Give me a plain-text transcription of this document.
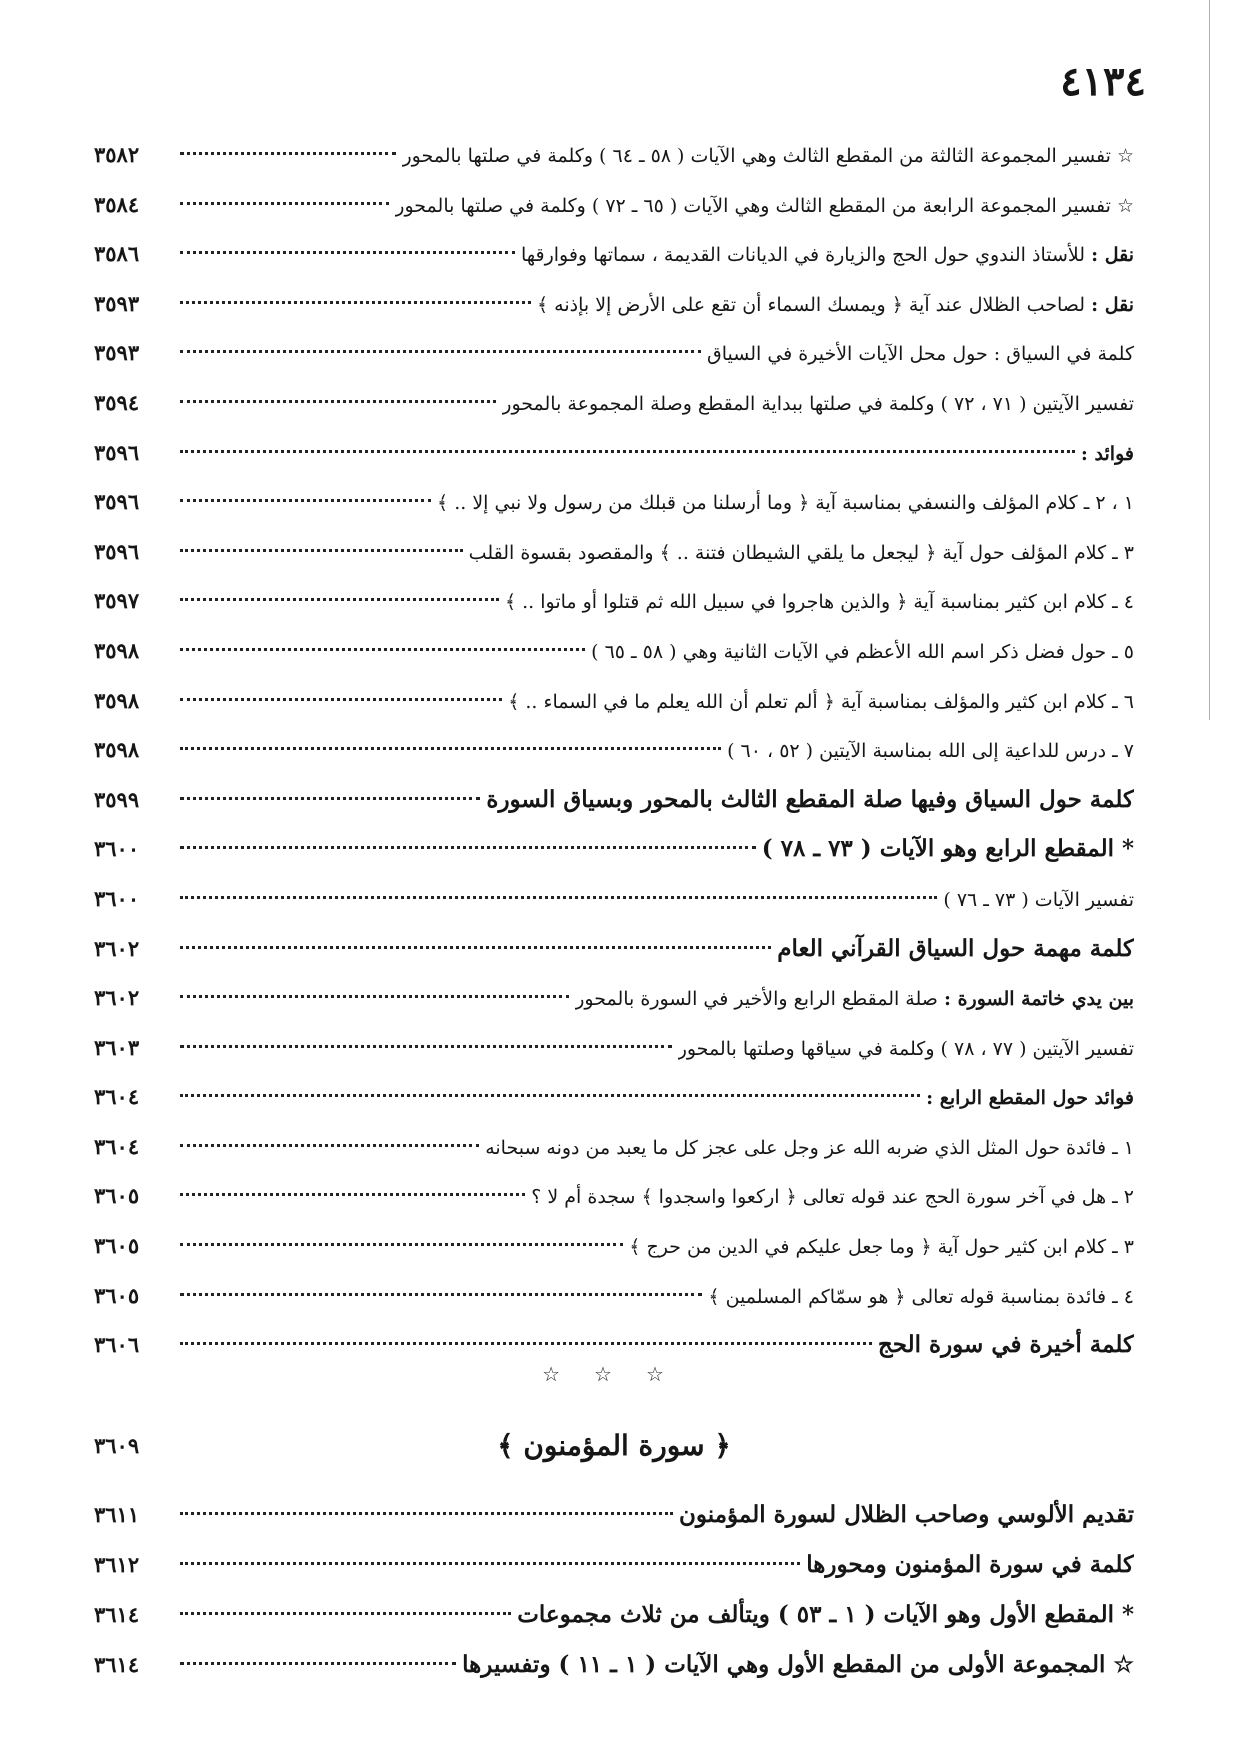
٤١٣٤
☆ تفسير المجموعة الثالثة من المقطع الثالث وهي الآيات ( ٥٨ ـ ٦٤ ) وكلمة في صلتها بالمحور
٣٥٨٢
☆ تفسير المجموعة الرابعة من المقطع الثالث وهي الآيات ( ٦٥ ـ ٧٢ ) وكلمة في صلتها بالمحور
٣٥٨٤
نقل : للأستاذ الندوي حول الحج والزيارة في الديانات القديمة ، سماتها وفوارقها
٣٥٨٦
نقل : لصاحب الظلال عند آية ﴿ ويمسك السماء أن تقع على الأرض إلا بإذنه ﴾
٣٥٩٣
كلمة في السياق : حول محل الآيات الأخيرة في السياق
٣٥٩٣
تفسير الآيتين ( ٧١ ، ٧٢ ) وكلمة في صلتها ببداية المقطع وصلة المجموعة بالمحور
٣٥٩٤
فوائد :
٣٥٩٦
١ ، ٢ ـ كلام المؤلف والنسفي بمناسبة آية ﴿ وما أرسلنا من قبلك من رسول ولا نبي إلا .. ﴾
٣٥٩٦
٣ ـ كلام المؤلف حول آية ﴿ ليجعل ما يلقي الشيطان فتنة .. ﴾ والمقصود بقسوة القلب
٣٥٩٦
٤ ـ كلام ابن كثير بمناسبة آية ﴿ والذين هاجروا في سبيل الله ثم قتلوا أو ماتوا .. ﴾
٣٥٩٧
٥ ـ حول فضل ذكر اسم الله الأعظم في الآيات الثانية وهي ( ٥٨ ـ ٦٥ )
٣٥٩٨
٦ ـ كلام ابن كثير والمؤلف بمناسبة آية ﴿ ألم تعلم أن الله يعلم ما في السماء .. ﴾
٣٥٩٨
٧ ـ درس للداعية إلى الله بمناسبة الآيتين ( ٥٢ ، ٦٠ )
٣٥٩٨
كلمة حول السياق وفيها صلة المقطع الثالث بالمحور وبسياق السورة
٣٥٩٩
* المقطع الرابع وهو الآيات ( ٧٣ ـ ٧٨ )
٣٦٠٠
تفسير الآيات ( ٧٣ ـ ٧٦ )
٣٦٠٠
كلمة مهمة حول السياق القرآني العام
٣٦٠٢
بين يدي خاتمة السورة : صلة المقطع الرابع والأخير في السورة بالمحور
٣٦٠٢
تفسير الآيتين ( ٧٧ ، ٧٨ ) وكلمة في سياقها وصلتها بالمحور
٣٦٠٣
فوائد حول المقطع الرابع :
٣٦٠٤
١ ـ فائدة حول المثل الذي ضربه الله عز وجل على عجز كل ما يعبد من دونه سبحانه
٣٦٠٤
٢ ـ هل في آخر سورة الحج عند قوله تعالى ﴿ اركعوا واسجدوا ﴾ سجدة أم لا ؟
٣٦٠٥
٣ ـ كلام ابن كثير حول آية ﴿ وما جعل عليكم في الدين من حرج ﴾
٣٦٠٥
٤ ـ فائدة بمناسبة قوله تعالى ﴿ هو سمّاكم المسلمين ﴾
٣٦٠٥
كلمة أخيرة في سورة الحج
٣٦٠٦
☆☆☆
﴿ سورة المؤمنون ﴾
٣٦٠٩
تقديم الألوسي وصاحب الظلال لسورة المؤمنون
٣٦١١
كلمة في سورة المؤمنون ومحورها
٣٦١٢
* المقطع الأول وهو الآيات ( ١ ـ ٥٣ ) ويتألف من ثلاث مجموعات
٣٦١٤
☆ المجموعة الأولى من المقطع الأول وهي الآيات ( ١ ـ ١١ ) وتفسيرها
٣٦١٤
